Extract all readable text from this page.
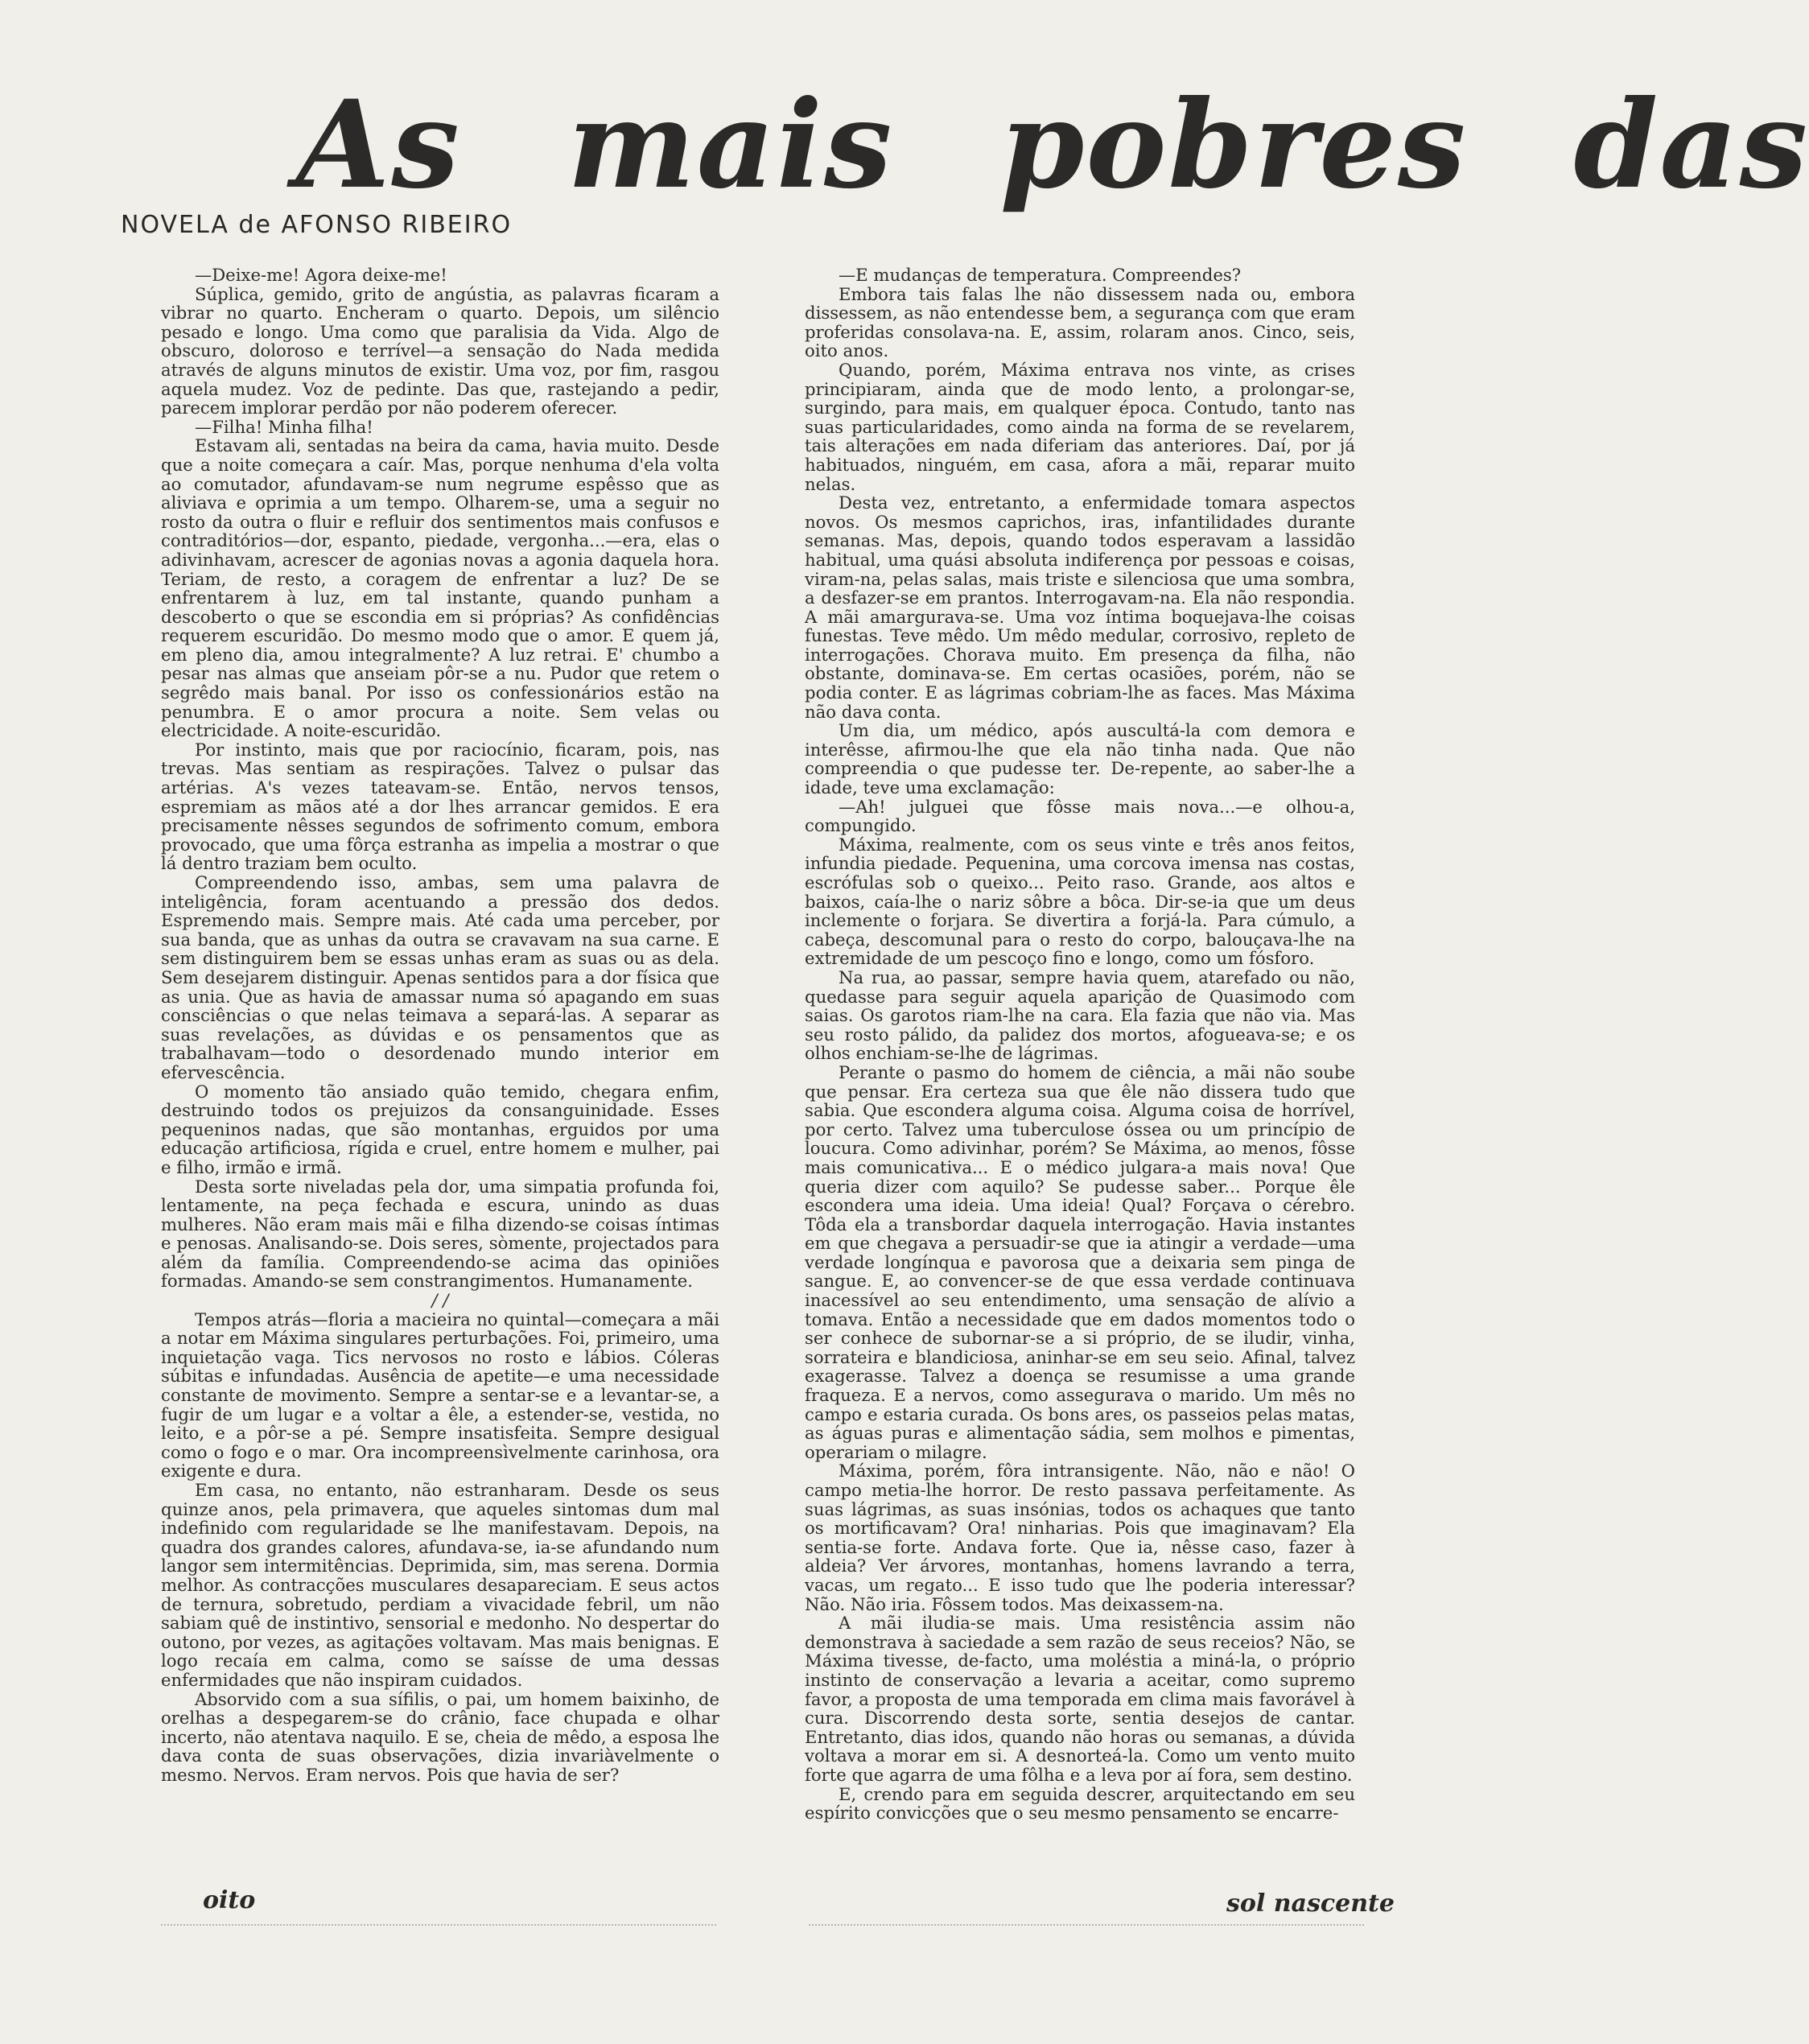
As mais pobres das
NOVELA de AFONSO RIBEIRO

—Deixe-me! Agora deixe-me!

Súplica, gemido, grito de angústia, as palavras ficaram a vibrar no quarto. Encheram o quarto. Depois, um silêncio pesado e longo. Uma como que paralisia da Vida. Algo de obscuro, doloroso e terrível—a sensação do Nada medida através de alguns minutos de existir. Uma voz, por fim, rasgou aquela mudez. Voz de pedinte. Das que, rastejando a pedir, parecem implorar perdão por não poderem oferecer.

—Filha! Minha filha!

Estavam ali, sentadas na beira da cama, havia muito. Desde que a noite começara a caír. Mas, porque nenhuma d'ela volta ao comutador, afundavam-se num negrume espêsso que as aliviava e oprimia a um tempo. Olharem-se, uma a seguir no rosto da outra o fluir e refluir dos sentimentos mais confusos e contraditórios—dor, espanto, piedade, vergonha...—era, elas o adivinhavam, acrescer de agonias novas a agonia daquela hora. Teriam, de resto, a coragem de enfrentar a luz? De se enfrentarem à luz, em tal instante, quando punham a descoberto o que se escondia em si próprias? As confidências requerem escuridão. Do mesmo modo que o amor. E quem já, em pleno dia, amou integralmente? A luz retrai. E' chumbo a pesar nas almas que anseiam pôr-se a nu. Pudor que retem o segrêdo mais banal. Por isso os confessionários estão na penumbra. E o amor procura a noite. Sem velas ou electricidade. A noite-escuridão.

Por instinto, mais que por raciocínio, ficaram, pois, nas trevas. Mas sentiam as respirações. Talvez o pulsar das artérias. A's vezes tateavam-se. Então, nervos tensos, espremiam as mãos até a dor lhes arrancar gemidos. E era precisamente nêsses segundos de sofrimento comum, embora provocado, que uma fôrça estranha as impelia a mostrar o que lá dentro traziam bem oculto.

Compreendendo isso, ambas, sem uma palavra de inteligência, foram acentuando a pressão dos dedos. Espremendo mais. Sempre mais. Até cada uma perceber, por sua banda, que as unhas da outra se cravavam na sua carne. E sem distinguirem bem se essas unhas eram as suas ou as dela. Sem desejarem distinguir. Apenas sentidos para a dor física que as unia. Que as havia de amassar numa só apagando em suas consciências o que nelas teimava a separá-las. A separar as suas revelações, as dúvidas e os pensamentos que as trabalhavam—todo o desordenado mundo interior em efervescência.

O momento tão ansiado quão temido, chegara enfim, destruindo todos os prejuizos da consanguinidade. Esses pequeninos nadas, que são montanhas, erguidos por uma educação artificiosa, rígida e cruel, entre homem e mulher, pai e filho, irmão e irmã.

Desta sorte niveladas pela dor, uma simpatia profunda foi, lentamente, na peça fechada e escura, unindo as duas mulheres. Não eram mais mãi e filha dizendo-se coisas íntimas e penosas. Analisando-se. Dois seres, sòmente, projectados para além da família. Compreendendo-se acima das opiniões formadas. Amando-se sem constrangimentos. Humanamente.

/ /

Tempos atrás—floria a macieira no quintal—começara a mãi a notar em Máxima singulares perturbações. Foi, primeiro, uma inquietação vaga. Tics nervosos no rosto e lábios. Cóleras súbitas e infundadas. Ausência de apetite—e uma necessidade constante de movimento. Sempre a sentar-se e a levantar-se, a fugir de um lugar e a voltar a êle, a estender-se, vestida, no leito, e a pôr-se a pé. Sempre insatisfeita. Sempre desigual como o fogo e o mar. Ora incompreensìvelmente carinhosa, ora exigente e dura.

Em casa, no entanto, não estranharam. Desde os seus quinze anos, pela primavera, que aqueles sintomas dum mal indefinido com regularidade se lhe manifestavam. Depois, na quadra dos grandes calores, afundava-se, ia-se afundando num langor sem intermitências. Deprimida, sim, mas serena. Dormia melhor. As contracções musculares desapareciam. E seus actos de ternura, sobretudo, perdiam a vivacidade febril, um não sabiam quê de instintivo, sensorial e medonho. No despertar do outono, por vezes, as agitações voltavam. Mas mais benignas. E logo recaía em calma, como se saísse de uma dessas enfermidades que não inspiram cuidados.

Absorvido com a sua sífilis, o pai, um homem baixinho, de orelhas a despegarem-se do crânio, face chupada e olhar incerto, não atentava naquilo. E se, cheia de mêdo, a esposa lhe dava conta de suas observações, dizia invariàvelmente o mesmo. Nervos. Eram nervos. Pois que havia de ser?

—E mudanças de temperatura. Compreendes?

Embora tais falas lhe não dissessem nada ou, embora dissessem, as não entendesse bem, a segurança com que eram proferidas consolava-na. E, assim, rolaram anos. Cinco, seis, oito anos.

Quando, porém, Máxima entrava nos vinte, as crises principiaram, ainda que de modo lento, a prolongar-se, surgindo, para mais, em qualquer época. Contudo, tanto nas suas particularidades, como ainda na forma de se revelarem, tais alterações em nada diferiam das anteriores. Daí, por já habituados, ninguém, em casa, afora a mãi, reparar muito nelas.

Desta vez, entretanto, a enfermidade tomara aspectos novos. Os mesmos caprichos, iras, infantilidades durante semanas. Mas, depois, quando todos esperavam a lassidão habitual, uma quási absoluta indiferença por pessoas e coisas, viram-na, pelas salas, mais triste e silenciosa que uma sombra, a desfazer-se em prantos. Interrogavam-na. Ela não respondia. A mãi amargurava-se. Uma voz íntima boquejava-lhe coisas funestas. Teve mêdo. Um mêdo medular, corrosivo, repleto de interrogações. Chorava muito. Em presença da filha, não obstante, dominava-se. Em certas ocasiões, porém, não se podia conter. E as lágrimas cobriam-lhe as faces. Mas Máxima não dava conta.

Um dia, um médico, após auscultá-la com demora e interêsse, afirmou-lhe que ela não tinha nada. Que não compreendia o que pudesse ter. De-repente, ao saber-lhe a idade, teve uma exclamação:

—Ah! julguei que fôsse mais nova...—e olhou-a, compungido.

Máxima, realmente, com os seus vinte e três anos feitos, infundia piedade. Pequenina, uma corcova imensa nas costas, escrófulas sob o queixo... Peito raso. Grande, aos altos e baixos, caía-lhe o nariz sôbre a bôca. Dir-se-ia que um deus inclemente o forjara. Se divertira a forjá-la. Para cúmulo, a cabeça, descomunal para o resto do corpo, balouçava-lhe na extremidade de um pescoço fino e longo, como um fósforo.

Na rua, ao passar, sempre havia quem, atarefado ou não, quedasse para seguir aquela aparição de Quasimodo com saias. Os garotos riam-lhe na cara. Ela fazia que não via. Mas seu rosto pálido, da palidez dos mortos, afogueava-se; e os olhos enchiam-se-lhe de lágrimas.

Perante o pasmo do homem de ciência, a mãi não soube que pensar. Era certeza sua que êle não dissera tudo que sabia. Que escondera alguma coisa. Alguma coisa de horrível, por certo. Talvez uma tuberculose óssea ou um princípio de loucura. Como adivinhar, porém? Se Máxima, ao menos, fôsse mais comunicativa... E o médico julgara-a mais nova! Que queria dizer com aquilo? Se pudesse saber... Porque êle escondera uma ideia. Uma ideia! Qual? Forçava o cérebro. Tôda ela a transbordar daquela interrogação. Havia instantes em que chegava a persuadir-se que ia atingir a verdade—uma verdade longínqua e pavorosa que a deixaria sem pinga de sangue. E, ao convencer-se de que essa verdade continuava inacessível ao seu entendimento, uma sensação de alívio a tomava. Então a necessidade que em dados momentos todo o ser conhece de subornar-se a si próprio, de se iludir, vinha, sorrateira e blandiciosa, aninhar-se em seu seio. Afinal, talvez exagerasse. Talvez a doença se resumisse a uma grande fraqueza. E a nervos, como assegurava o marido. Um mês no campo e estaria curada. Os bons ares, os passeios pelas matas, as águas puras e alimentação sádia, sem molhos e pimentas, operariam o milagre.

Máxima, porém, fôra intransigente. Não, não e não! O campo metia-lhe horror. De resto passava perfeitamente. As suas lágrimas, as suas insónias, todos os achaques que tanto os mortificavam? Ora! ninharias. Pois que imaginavam? Ela sentia-se forte. Andava forte. Que ia, nêsse caso, fazer à aldeia? Ver árvores, montanhas, homens lavrando a terra, vacas, um regato... E isso tudo que lhe poderia interessar? Não. Não iria. Fôssem todos. Mas deixassem-na.

A mãi iludia-se mais. Uma resistência assim não demonstrava à saciedade a sem razão de seus receios? Não, se Máxima tivesse, de-facto, uma moléstia a miná-la, o próprio instinto de conservação a levaria a aceitar, como supremo favor, a proposta de uma temporada em clima mais favorável à cura. Discorrendo desta sorte, sentia desejos de cantar. Entretanto, dias idos, quando não horas ou semanas, a dúvida voltava a morar em si. A desnorteá-la. Como um vento muito forte que agarra de uma fôlha e a leva por aí fora, sem destino.

E, crendo para em seguida descrer, arquitectando em seu espírito convicções que o seu mesmo pensamento se encarre-

oito	sol nascente
